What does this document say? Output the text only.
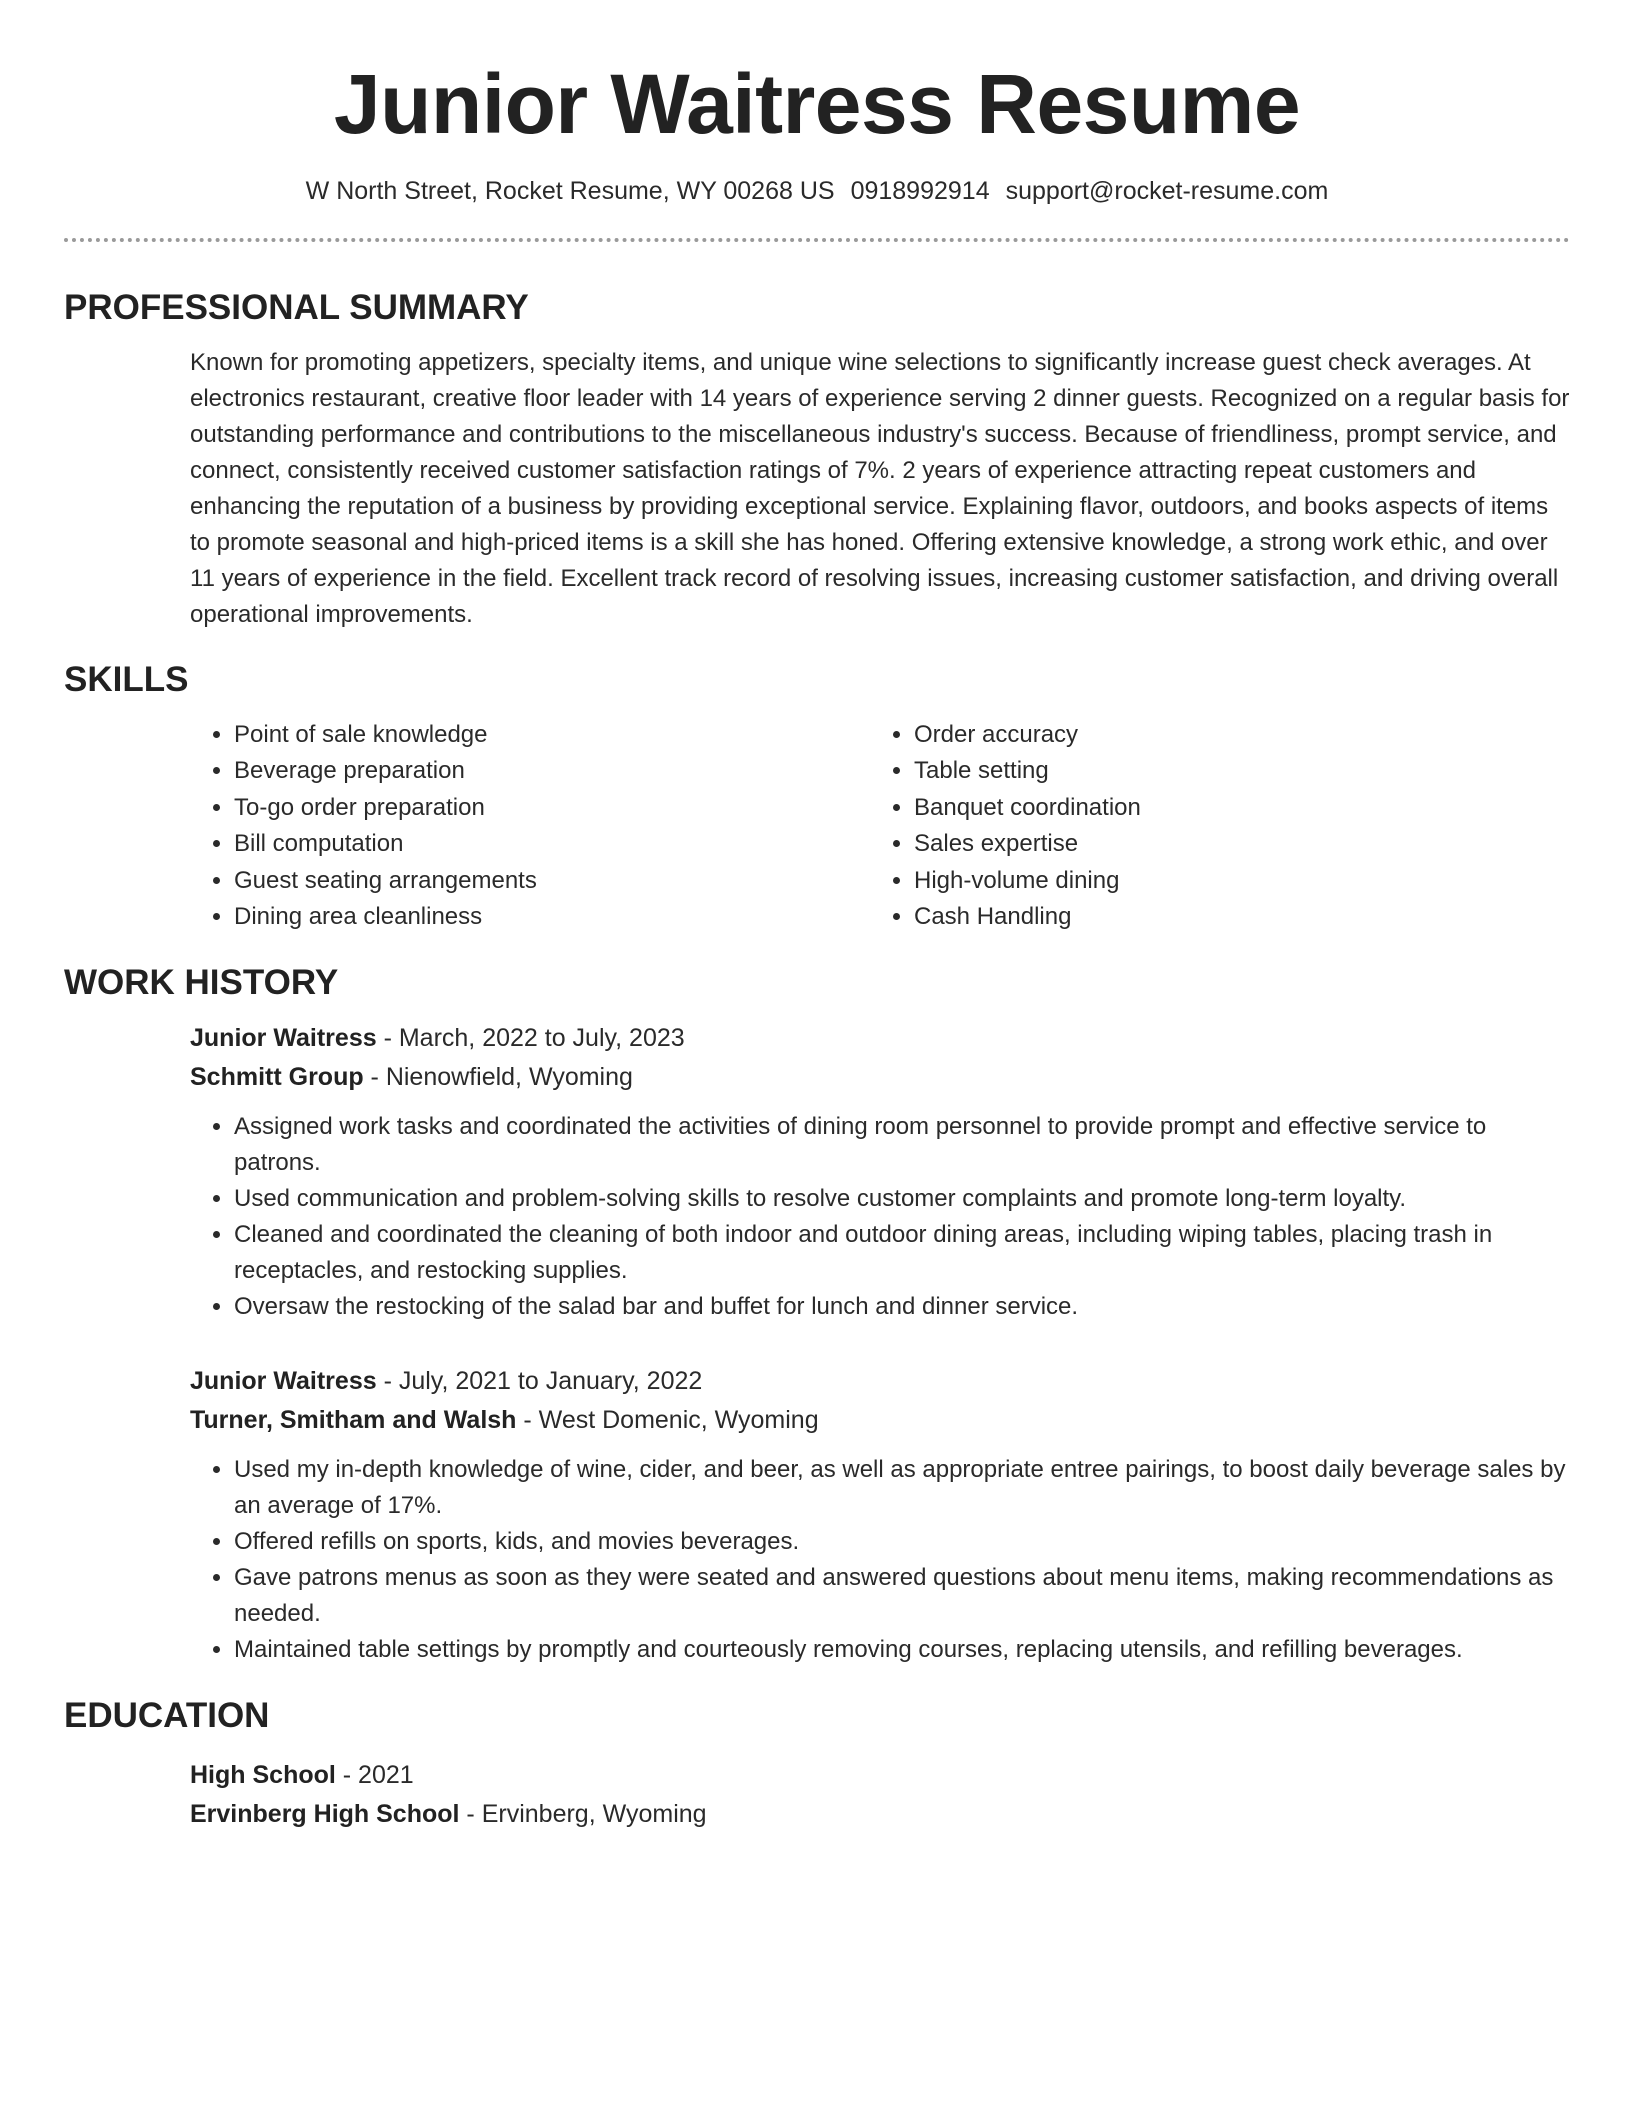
Junior Waitress Resume
W North Street, Rocket Resume, WY 00268 US 0918992914 support@rocket-resume.com
PROFESSIONAL SUMMARY
Known for promoting appetizers, specialty items, and unique wine selections to significantly increase guest check averages. At electronics restaurant, creative floor leader with 14 years of experience serving 2 dinner guests. Recognized on a regular basis for outstanding performance and contributions to the miscellaneous industry's success. Because of friendliness, prompt service, and connect, consistently received customer satisfaction ratings of 7%. 2 years of experience attracting repeat customers and enhancing the reputation of a business by providing exceptional service. Explaining flavor, outdoors, and books aspects of items to promote seasonal and high-priced items is a skill she has honed. Offering extensive knowledge, a strong work ethic, and over 11 years of experience in the field. Excellent track record of resolving issues, increasing customer satisfaction, and driving overall operational improvements.
SKILLS
• Point of sale knowledge
• Beverage preparation
• To-go order preparation
• Bill computation
• Guest seating arrangements
• Dining area cleanliness
• Order accuracy
• Table setting
• Banquet coordination
• Sales expertise
• High-volume dining
• Cash Handling
WORK HISTORY
Junior Waitress - March, 2022 to July, 2023
Schmitt Group - Nienowfield, Wyoming
• Assigned work tasks and coordinated the activities of dining room personnel to provide prompt and effective service to patrons.
• Used communication and problem-solving skills to resolve customer complaints and promote long-term loyalty.
• Cleaned and coordinated the cleaning of both indoor and outdoor dining areas, including wiping tables, placing trash in receptacles, and restocking supplies.
• Oversaw the restocking of the salad bar and buffet for lunch and dinner service.
Junior Waitress - July, 2021 to January, 2022
Turner, Smitham and Walsh - West Domenic, Wyoming
• Used my in-depth knowledge of wine, cider, and beer, as well as appropriate entree pairings, to boost daily beverage sales by an average of 17%.
• Offered refills on sports, kids, and movies beverages.
• Gave patrons menus as soon as they were seated and answered questions about menu items, making recommendations as needed.
• Maintained table settings by promptly and courteously removing courses, replacing utensils, and refilling beverages.
EDUCATION
High School - 2021
Ervinberg High School - Ervinberg, Wyoming
